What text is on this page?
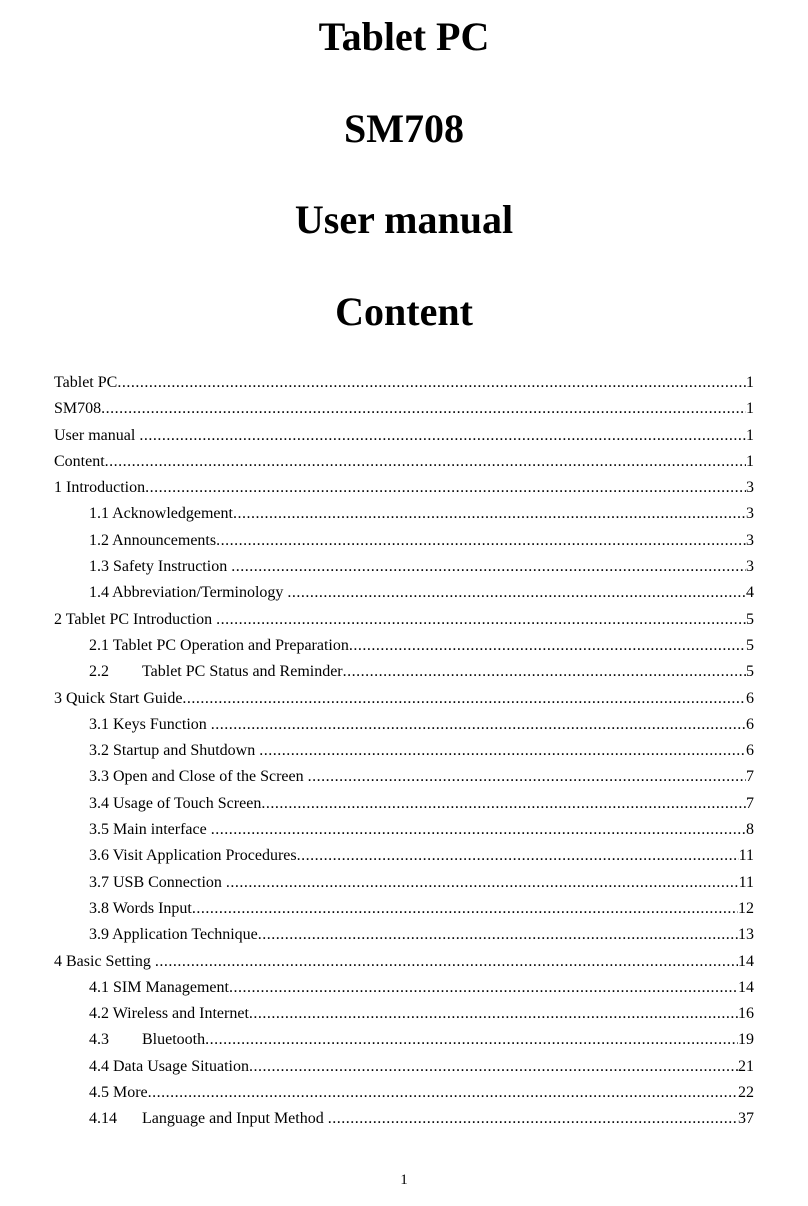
Tablet PC
SM708
User manual
Content
Tablet PC .....	1
SM708 .....	1
User manual .....	1
Content .....	1
1 Introduction .....	3
1.1 Acknowledgement .....	3
1.2 Announcements .....	3
1.3 Safety Instruction .....	3
1.4 Abbreviation/Terminology .....	4
2 Tablet PC Introduction .....	5
2.1 Tablet PC Operation and Preparation .....	5
2.2 Tablet PC Status and Reminder .....	5
3 Quick Start Guide .....	6
3.1 Keys Function .....	6
3.2 Startup and Shutdown .....	6
3.3 Open and Close of the Screen .....	7
3.4 Usage of Touch Screen .....	7
3.5 Main interface .....	8
3.6 Visit Application Procedures .....	11
3.7 USB Connection .....	11
3.8 Words Input .....	12
3.9 Application Technique .....	13
4 Basic Setting .....	14
4.1 SIM Management .....	14
4.2 Wireless and Internet .....	16
4.3 Bluetooth .....	19
4.4 Data Usage Situation .....	21
4.5 More .....	22
4.14 Language and Input Method .....	37
1
